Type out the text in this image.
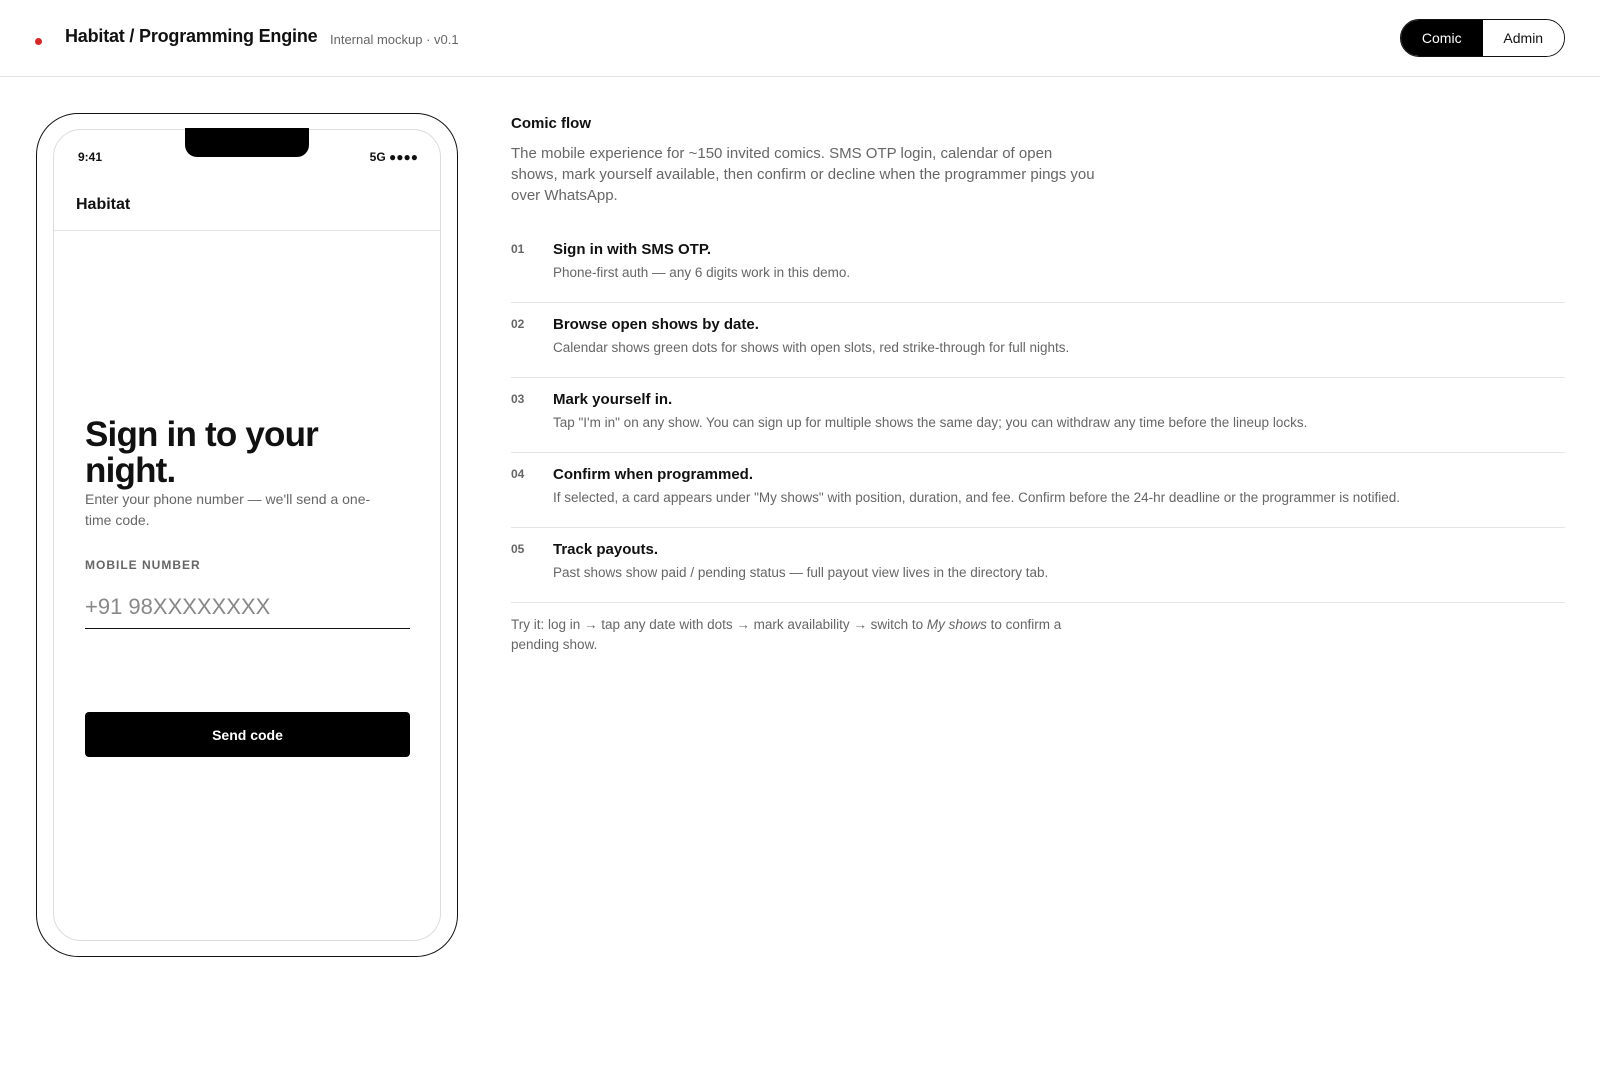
Habitat / Programming Engine Internal mockup · v0.1	Comic	Admin
9:41	5G ●●●●
Habitat
Sign in to your night.
Enter your phone number — we'll send a one-time code.
MOBILE NUMBER
+91 98XXXXXXXX
Send code
Comic flow
The mobile experience for ~150 invited comics. SMS OTP login, calendar of open shows, mark yourself available, then confirm or decline when the programmer pings you over WhatsApp.
01 Sign in with SMS OTP.
Phone-first auth — any 6 digits work in this demo.
02 Browse open shows by date.
Calendar shows green dots for shows with open slots, red strike-through for full nights.
03 Mark yourself in.
Tap "I'm in" on any show. You can sign up for multiple shows the same day; you can withdraw any time before the lineup locks.
04 Confirm when programmed.
If selected, a card appears under "My shows" with position, duration, and fee. Confirm before the 24-hr deadline or the programmer is notified.
05 Track payouts.
Past shows show paid / pending status — full payout view lives in the directory tab.
Try it: log in → tap any date with dots → mark availability → switch to My shows to confirm a pending show.
